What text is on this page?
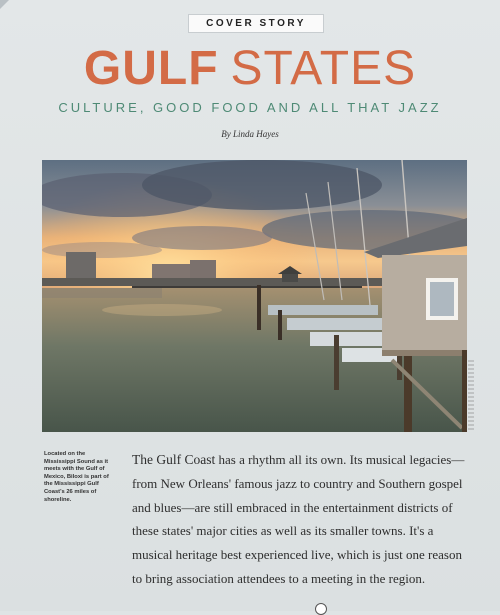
COVER STORY
GULF STATES
CULTURE, GOOD FOOD AND ALL THAT JAZZ
By Linda Hayes
Located on the Mississippi Sound as it meets with the Gulf of Mexico, Biloxi is part of the Mississippi Gulf Coast's 26 miles of shoreline.
The Gulf Coast has a rhythm all its own. Its musical legacies—from New Orleans' famous jazz to country and Southern gospel and blues—are still embraced in the entertainment districts of these states' major cities as well as its smaller towns. It's a musical heritage best experienced live, which is just one reason to bring association attendees to a meeting in the region.
